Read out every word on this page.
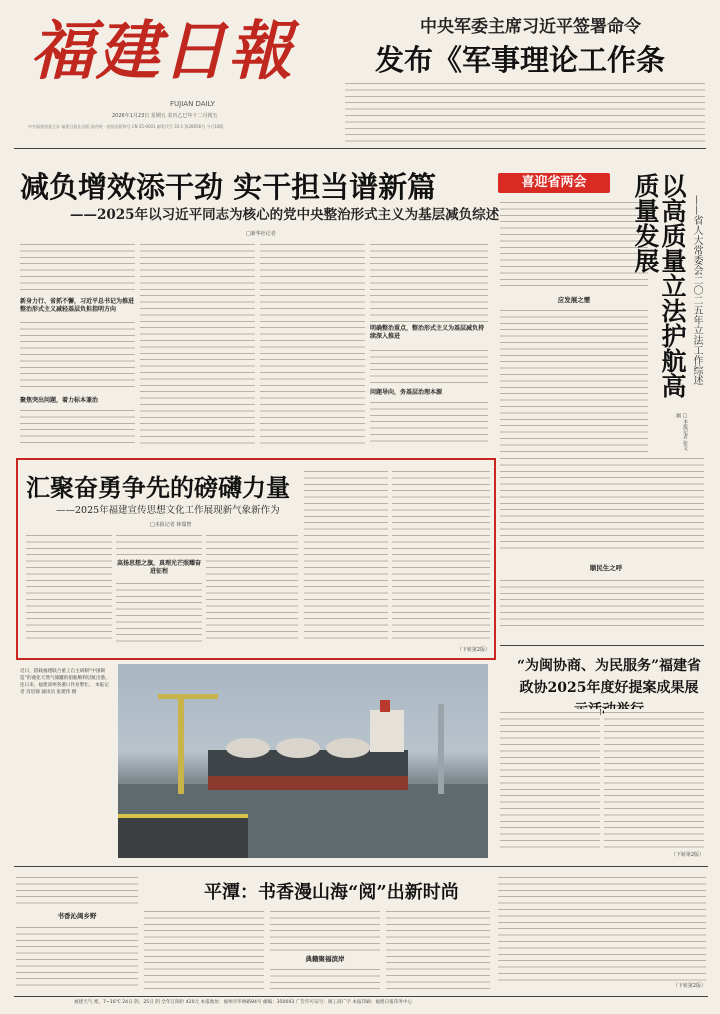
福建日報
FUJIAN DAILY
2026年1月23日 星期五 农历乙巳年十二月初五
中共福建省委主办 福建日报社出版 国内统一连续出版物号 CN 35-0001 邮发代号 33-1 第28056号 今日16版
中央军委主席习近平签署命令
发布《军事理论工作条
减负增效添干劲 实干担当谱新篇
——2025年以习近平同志为核心的党中央整治形式主义为基层减负综述
□新华社记者
新身力行、省抓不懈，习近平总书记为推进整治形式主义减轻基层负担指明方向
聚焦突出问题，着力标本兼治
明确整治重点，整治形式主义为基层减负持续深入推进
问题导向，务基层治理本源
喜迎省两会
应发展之需	以高质量立法护航高质量发展	——省人大常委会二〇二五年立法工作综述
□本报记者 张文炯
顺民生之呼
汇聚奋勇争先的磅礴力量
——2025年福建宣传思想文化工作展现新气象新作为
□本报记者 林瑞智
高扬思想之旗，真理光芒照耀奋进征程
（下转第2版）
近日，搭载福建联合重工自主研制“中国制造”的液化天然气储罐的船舶顺利启航出港。连日来，福建漳州各港口作业繁忙。 本报记者 肖培锦 通讯员 张建伟 摄
“为闽协商、为民服务”福建省政协2025年度好提案成果展
（下转第2版）
书香沁闽乡野
平潭：书香漫山海“阅”出新时尚
典籍聚福滨岸
（下转第2版）
福建天气 寒，7~16℃ 24日 阴，25日 阴 全年订阅价 420元 本报地址：福州市华林路84号 邮编：350003 广告许可证号：闽工商广字 本报印刷：福建日报印务中心
